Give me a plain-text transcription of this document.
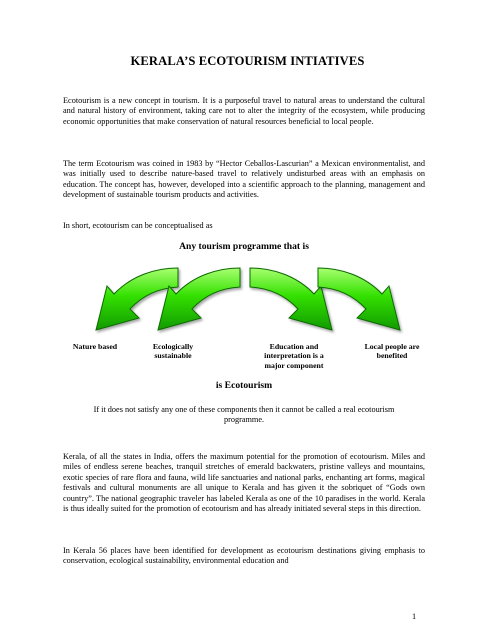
KERALA’S ECOTOURISM INTIATIVES

Ecotourism is a new concept in tourism. It is a purposeful travel to natural areas to understand the cultural and natural history of environment, taking care not to alter the integrity of the ecosystem, while producing economic opportunities that make conservation of natural resources beneficial to local people.

The term Ecotourism was coined in 1983 by “Hector Ceballos-Lascurian” a Mexican environmentalist, and was initially used to describe nature-based travel to relatively undisturbed areas with an emphasis on education. The concept has, however, developed into a scientific approach to the planning, management and development of sustainable tourism products and activities.

In short, ecotourism can be conceptualised as

Any tourism programme that is
Nature based	Ecologically sustainable
Education and interpretation is a major component
Local people are benefited
is Ecotourism
If it does not satisfy any one of these components then it cannot be called a real ecotourism programme.

Kerala, of all the states in India, offers the maximum potential for the promotion of ecotourism. Miles and miles of endless serene beaches, tranquil stretches of emerald backwaters, pristine valleys and mountains, exotic species of rare flora and fauna, wild life sanctuaries and national parks, enchanting art forms, magical festivals and cultural monuments are all unique to Kerala and has given it the sobriquet of “Gods own country”. The national geographic traveler has labeled Kerala as one of the 10 paradises in the world. Kerala is thus ideally suited for the promotion of ecotourism and has already initiated several steps in this direction.

In Kerala 56 places have been identified for development as ecotourism destinations giving emphasis to conservation, ecological sustainability, environmental education and

1
